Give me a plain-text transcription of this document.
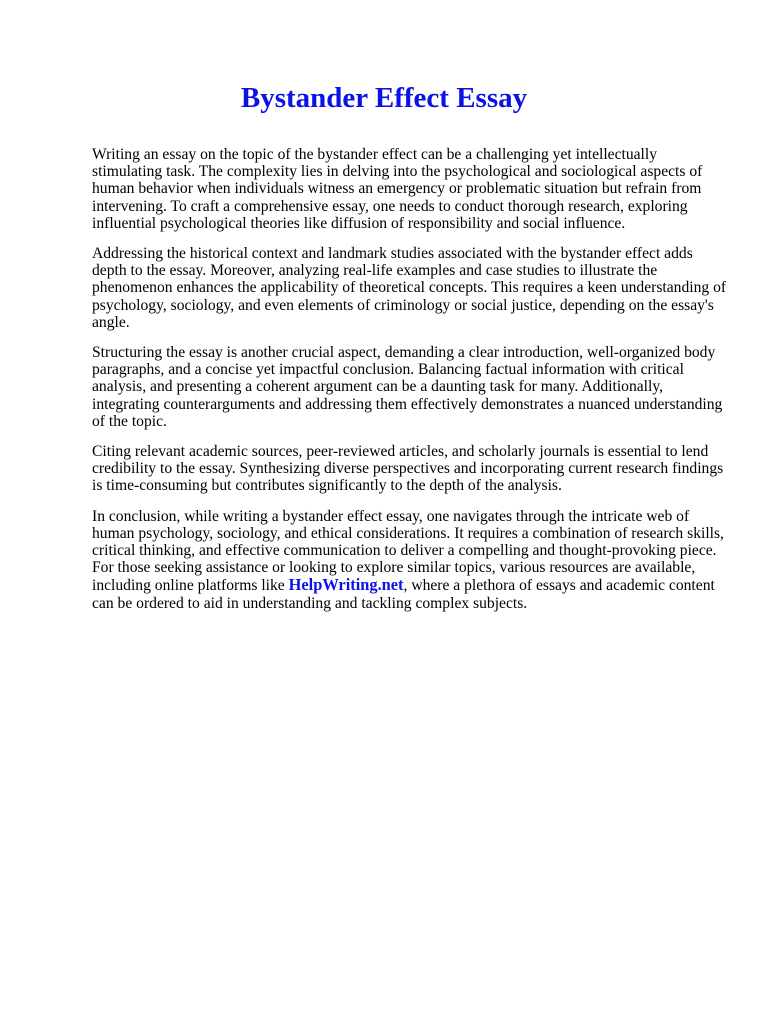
Bystander Effect Essay

Writing an essay on the topic of the bystander effect can be a challenging yet intellectually
stimulating task. The complexity lies in delving into the psychological and sociological aspects of
human behavior when individuals witness an emergency or problematic situation but refrain from
intervening. To craft a comprehensive essay, one needs to conduct thorough research, exploring
influential psychological theories like diffusion of responsibility and social influence.

Addressing the historical context and landmark studies associated with the bystander effect adds
depth to the essay. Moreover, analyzing real-life examples and case studies to illustrate the
phenomenon enhances the applicability of theoretical concepts. This requires a keen understanding of
psychology, sociology, and even elements of criminology or social justice, depending on the essay's
angle.

Structuring the essay is another crucial aspect, demanding a clear introduction, well-organized body
paragraphs, and a concise yet impactful conclusion. Balancing factual information with critical
analysis, and presenting a coherent argument can be a daunting task for many. Additionally,
integrating counterarguments and addressing them effectively demonstrates a nuanced understanding
of the topic.

Citing relevant academic sources, peer-reviewed articles, and scholarly journals is essential to lend
credibility to the essay. Synthesizing diverse perspectives and incorporating current research findings
is time-consuming but contributes significantly to the depth of the analysis.

In conclusion, while writing a bystander effect essay, one navigates through the intricate web of
human psychology, sociology, and ethical considerations. It requires a combination of research skills,
critical thinking, and effective communication to deliver a compelling and thought-provoking piece.
For those seeking assistance or looking to explore similar topics, various resources are available,
including online platforms like HelpWriting.net, where a plethora of essays and academic content
can be ordered to aid in understanding and tackling complex subjects.
